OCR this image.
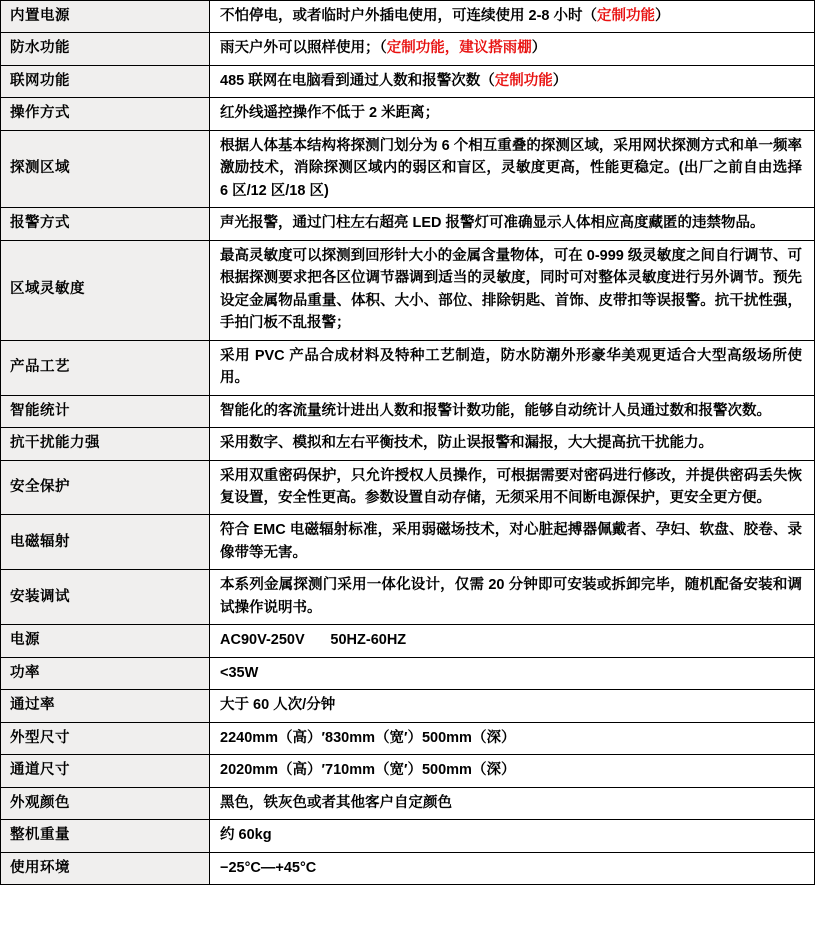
内置电源	不怕停电，或者临时户外插电使用，可连续使用 2-8 小时（定制功能）

防水功能	雨天户外可以照样使用；（定制功能，建议搭雨棚）

联网功能	485 联网在电脑看到通过人数和报警次数（定制功能）

操作方式	红外线遥控操作不低于 2 米距离；

探测区域	根据人体基本结构将探测门划分为 6 个相互重叠的探测区域，采用网状探测方式和单一频率激励技术，消除探测区域内的弱区和盲区，灵敏度更高，性能更稳定。(出厂之前自由选择 6 区/12 区/18 区)

报警方式	声光报警，通过门柱左右超亮 LED 报警灯可准确显示人体相应高度藏匿的违禁物品。

区域灵敏度	最高灵敏度可以探测到回形针大小的金属含量物体，可在 0-999 级灵敏度之间自行调节、可根据探测要求把各区位调节器调到适当的灵敏度，同时可对整体灵敏度进行另外调节。预先设定金属物品重量、体积、大小、部位、排除钥匙、首饰、皮带扣等误报警。抗干扰性强，手拍门板不乱报警；

产品工艺	采用 PVC 产品合成材料及特种工艺制造，防水防潮外形豪华美观更适合大型高级场所使用。

智能统计	智能化的客流量统计进出人数和报警计数功能，能够自动统计人员通过数和报警次数。

抗干扰能力强	采用数字、模拟和左右平衡技术，防止误报警和漏报，大大提高抗干扰能力。

安全保护	采用双重密码保护，只允许授权人员操作，可根据需要对密码进行修改，并提供密码丢失恢复设置，安全性更高。参数设置自动存储，无须采用不间断电源保护，更安全更方便。

电磁辐射	符合 EMC 电磁辐射标准，采用弱磁场技术，对心脏起搏器佩戴者、孕妇、软盘、胶卷、录像带等无害。

安装调试	本系列金属探测门采用一体化设计，仅需 20 分钟即可安装或拆卸完毕，随机配备安装和调试操作说明书。

电源	AC90V-250V   50HZ-60HZ

功率	<35W

通过率	大于 60 人次/分钟

外型尺寸	2240mm（高）′830mm（宽′）500mm（深）

通道尺寸	2020mm（高）′710mm（宽′）500mm（深）

外观颜色	黑色，铁灰色或者其他客户自定颜色

整机重量	约 60kg

使用环境	−25°C—+45°C
